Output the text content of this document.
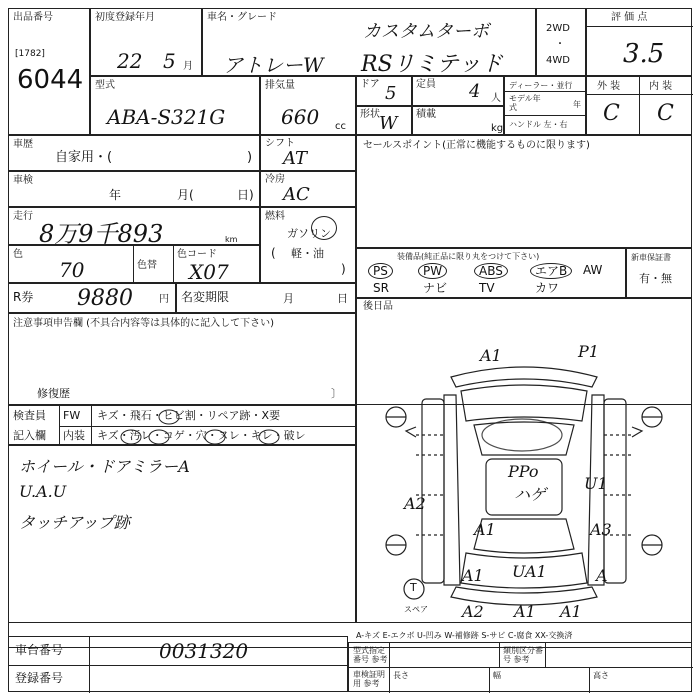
出品番号
[1782]
6044
初度登録年月
22 5 月
車名・グレード
カスタムターボ
アトレーW RSリミテッド
2WD
・
4WD
評 価 点
3.5
型式
ABA-S321G
排気量
660 cc
ドア 5 定員 4 人
形状 W 積載
kg
ディーラー・並行
モデル年式	年
ハンドル 左・右
外 装	内 装
C C
車歴
自家用・(	)
車検
年	月(	日)
走行
8万9千893	km
色
70	色替
色コード
X07
R券 9880	円 名変期限	月	日
注意事項申告欄 (不具合内容等は具体的に記入して下さい)
修復歴	〕
シフト
AT
冷房
AC
燃料
ガソリン
( 軽・油
)
セールスポイント(正常に機能するものに限ります)
装備品(純正品に限り丸をつけて下さい)
PS	PW	ABS	エアB	AW
SR	ナビ	TV	カワ
新車保証書
有・無
後日品
検査員
記入欄
FW キズ・飛石・ヒビ割・リペア跡・X要
内装 キズ・汚レ・コゲ・穴・ヌレ・キレ・破レ
ホイール・ドアミラーA
U.A.U
タッチアップ跡
A1	P1
PPo
ハゲ
U1
A2
A1	A3
A1 UA1	A
A2 A1 A1
T
スペア
A-キズ E-エクボ U-凹み W-補修跡 S-サビ C-腐食 XX-交換済
車台番号	0031320
登録番号
型式指定番号 参考
類別区分番号 参考
車検証明用 参考
長さ	幅	高さ
